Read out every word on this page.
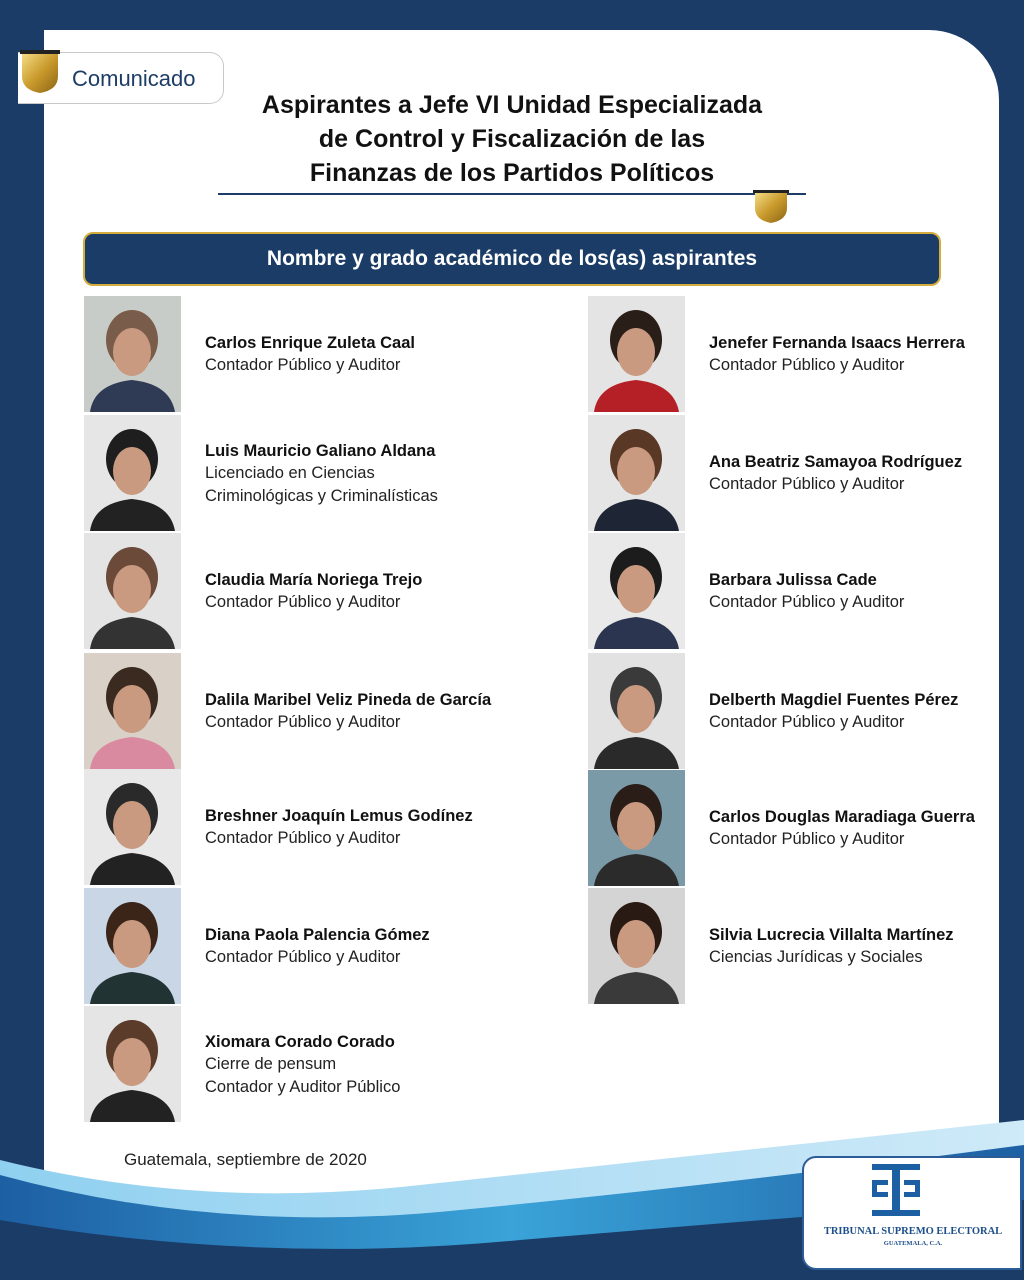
Comunicado
Aspirantes a Jefe VI Unidad Especializada
de Control y Fiscalización de las
Finanzas de los Partidos Políticos
Nombre y grado académico de los(as) aspirantes
Carlos Enrique Zuleta Caal
Contador Público y Auditor
Luis Mauricio Galiano Aldana
Licenciado en Ciencias
Criminológicas y Criminalísticas
Claudia María Noriega Trejo
Contador Público y Auditor
Dalila Maribel Veliz Pineda de García
Contador Público y Auditor
Breshner Joaquín Lemus Godínez
Contador Público y Auditor
Diana Paola Palencia Gómez
Contador Público y Auditor
Xiomara Corado Corado
Cierre de pensum
Contador y Auditor Público
Jenefer Fernanda Isaacs Herrera
Contador Público y Auditor
Ana Beatriz Samayoa Rodríguez
Contador Público y Auditor
Barbara Julissa Cade
Contador Público y Auditor
Delberth Magdiel Fuentes Pérez
Contador Público y Auditor
Carlos Douglas Maradiaga Guerra
Contador Público y Auditor
Silvia Lucrecia Villalta Martínez
Ciencias Jurídicas y Sociales
Guatemala, septiembre de 2020
TRIBUNAL SUPREMO ELECTORAL
GUATEMALA, C.A.
